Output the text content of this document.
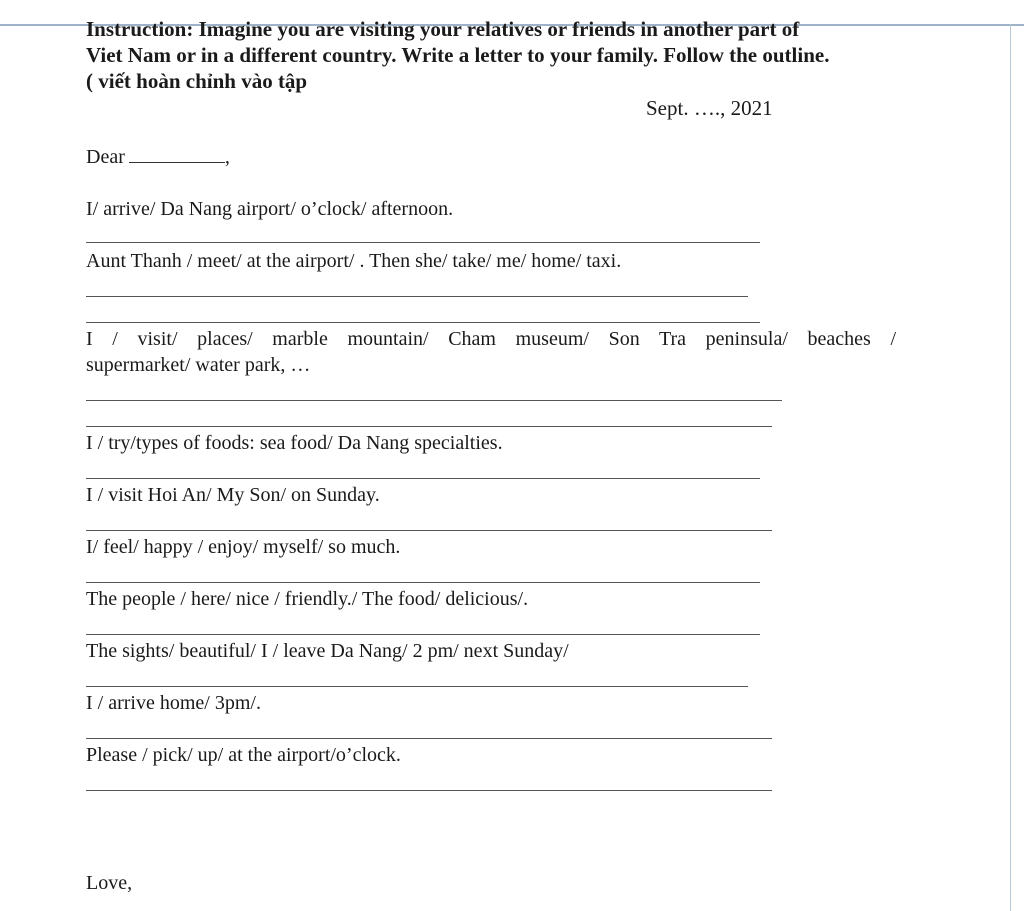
Instruction: Imagine you are visiting your relatives or friends in another part of

Viet Nam or in a different country. Write a letter to your family. Follow the outline.

( viết hoàn chỉnh vào tập

Sept. …., 2021
Dear	,
I/ arrive/ Da Nang airport/ o’clock/ afternoon.
Aunt Thanh / meet/ at the airport/ . Then she/ take/ me/ home/ taxi.
I / visit/ places/ marble mountain/ Cham museum/ Son Tra peninsula/ beaches /
supermarket/ water park, …
I / try/types of foods: sea food/ Da Nang specialties.
I / visit Hoi An/ My Son/ on Sunday.
I/ feel/ happy / enjoy/ myself/ so much.
The people / here/ nice / friendly./ The food/ delicious/.
The sights/ beautiful/ I / leave Da Nang/ 2 pm/ next Sunday/
I / arrive home/ 3pm/.
Please / pick/ up/ at the airport/o’clock.
Love,
